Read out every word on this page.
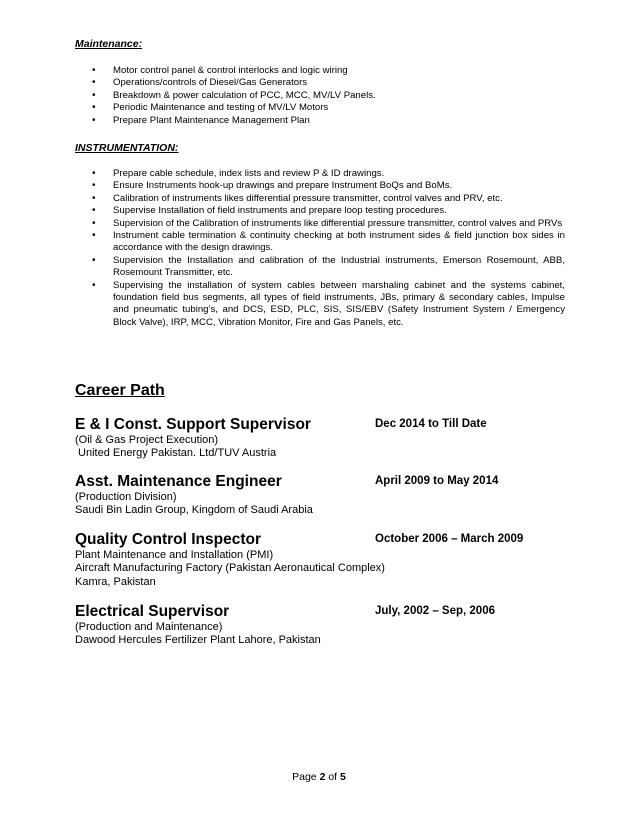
Maintenance:
• Motor control panel & control interlocks and logic wiring
• Operations/controls of Diesel/Gas Generators
• Breakdown & power calculation of PCC, MCC, MV/LV Panels.
• Periodic Maintenance and testing of MV/LV Motors
• Prepare Plant Maintenance Management Plan
INSTRUMENTATION:
• Prepare cable schedule, index lists and review P & ID drawings.
• Ensure Instruments hook-up drawings and prepare Instrument BoQs and BoMs.
• Calibration of instruments likes differential pressure transmitter, control valves and PRV, etc.
• Supervise Installation of field instruments and prepare loop testing procedures.
• Supervision of the Calibration of instruments like differential pressure transmitter, control valves and PRVs
• Instrument cable termination & continuity checking at both instrument sides & field junction box sides in accordance with the design drawings.
• Supervision the Installation and calibration of the Industrial instruments, Emerson Rosemount, ABB, Rosemount Transmitter, etc.
• Supervising the installation of system cables between marshaling cabinet and the systems cabinet, foundation field bus segments, all types of field instruments, JBs, primary & secondary cables, Impulse and pneumatic tubing’s, and DCS, ESD, PLC, SIS, SIS/EBV (Safety Instrument System / Emergency Block Valve), IRP, MCC, Vibration Monitor, Fire and Gas Panels, etc.
Career Path
E & I Const. Support Supervisor	Dec 2014 to Till Date
(Oil & Gas Project Execution)
United Energy Pakistan. Ltd/TUV Austria
Asst. Maintenance Engineer	April 2009 to May 2014
(Production Division)
Saudi Bin Ladin Group, Kingdom of Saudi Arabia
Quality Control Inspector	October 2006 – March 2009
Plant Maintenance and Installation (PMI)
Aircraft Manufacturing Factory (Pakistan Aeronautical Complex)
Kamra, Pakistan
Electrical Supervisor	July, 2002 – Sep, 2006
(Production and Maintenance)
Dawood Hercules Fertilizer Plant Lahore, Pakistan
Page 2 of 5
